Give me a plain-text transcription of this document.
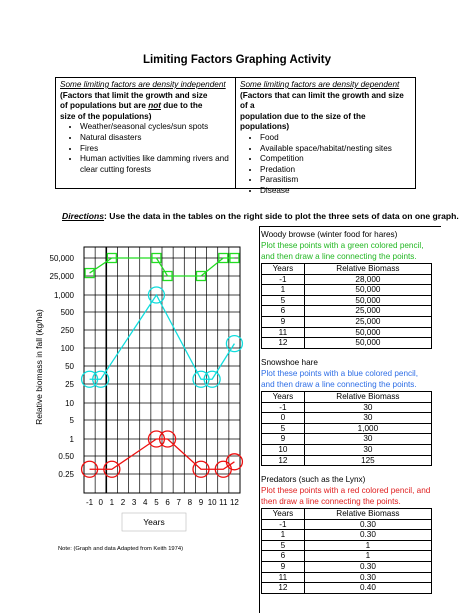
Limiting Factors Graphing Activity
Some limiting factors are density independent
(Factors that limit the growth and size
of populations but are not due to the
size of the populations)
• Weather/seasonal cycles/sun spots
• Natural disasters
• Fires
• Human activities like damming rivers and clear cutting forests
Some limiting factors are density dependent
(Factors that can limit the growth and size of a
population due to the size of the populations)
• Food
• Available space/habitat/nesting sites
• Competition
• Predation
• Parasitism
• Disease
Directions: Use the data in the tables on the right side to plot the three sets of data on one graph.
Woody browse (winter food for hares)
Plot these points with a green colored pencil, and then draw a line connecting the points.
Years	Relative Biomass
-1	28,000
1	50,000
5	50,000
6	25,000
9	25,000
11	50,000
12	50,000
Snowshoe hare
Plot these points with a blue colored pencil, and then draw a line connecting the points.
Years	Relative Biomass
-1	30
0	30
5	1,000
9	30
10	30
12	125
Predators (such as the Lynx)
Plot these points with a red colored pencil, and then draw a line connecting the points.
Years	Relative Biomass
-1	0.30
1	0.30
5	1
6	1
9	0.30
11	0.30
12	0.40
Relative biomass in fall (kg/ha)
Years
50,000
25,000
1,000
500
250
100
50
25
10
5
1
0.50
0.25
-1 0 1 2 3 4 5 6 7 8 9 10 11 12
Note: (Graph and data Adapted from Keith 1974)
